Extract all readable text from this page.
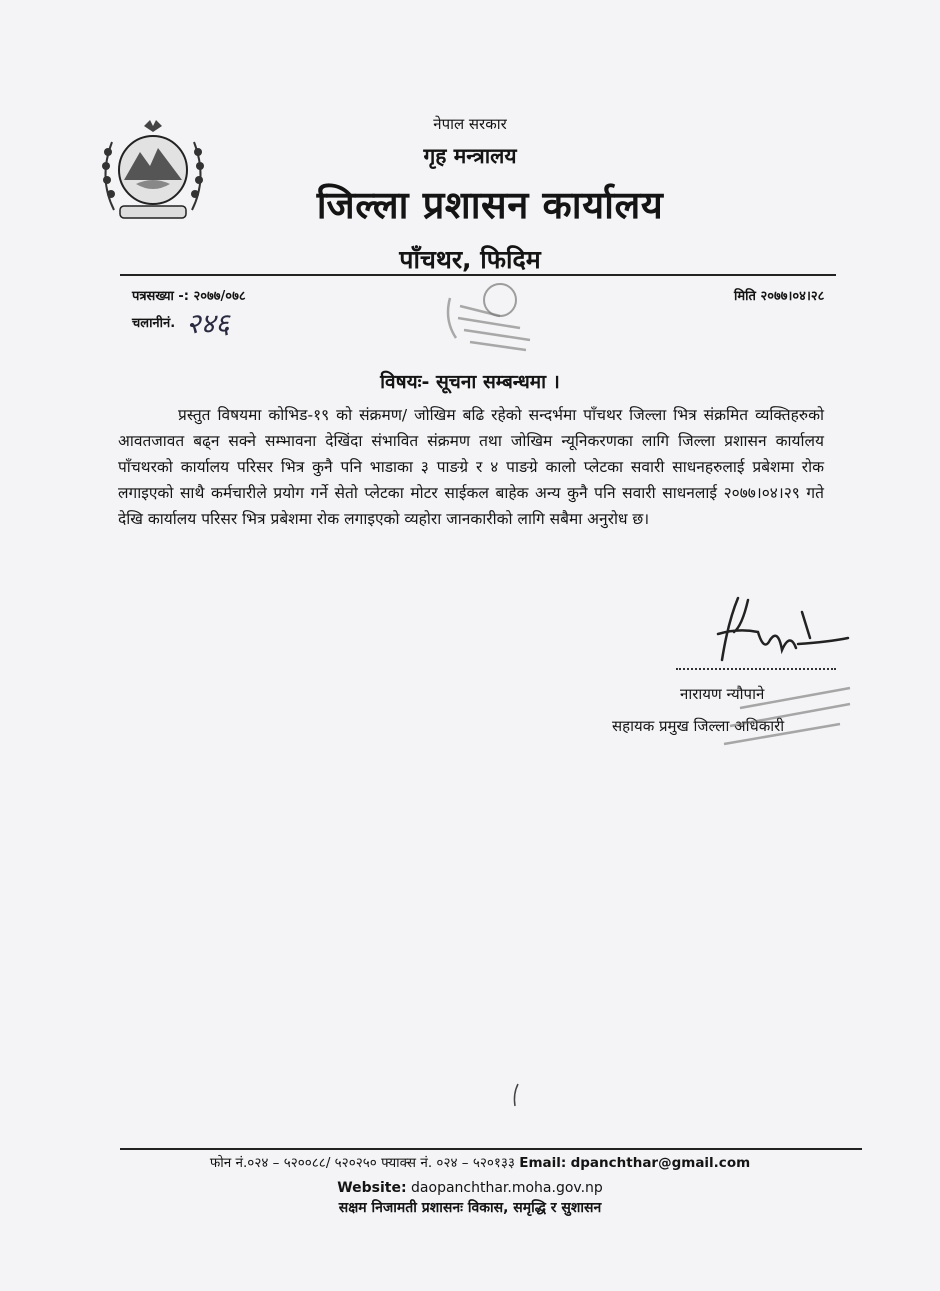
नेपाल सरकार
गृह मन्त्रालय
जिल्ला प्रशासन कार्यालय
पाँचथर, फिदिम
पत्रसख्या -: २०७७/०७८
चलानीनं. २४६
मिति २०७७।०४।२८
विषयः- सूचना सम्बन्धमा ।
प्रस्तुत विषयमा कोभिड-१९ को संक्रमण/ जोखिम बढि रहेको सन्दर्भमा पाँचथर जिल्ला भित्र संक्रमित व्यक्तिहरुको आवतजावत बढ्न सक्ने सम्भावना देखिंदा संभावित संक्रमण तथा जोखिम न्यूनिकरणका लागि जिल्ला प्रशासन कार्यालय पाँचथरको कार्यालय परिसर भित्र कुनै पनि भाडाका ३ पाङग्रे र ४ पाङग्रे कालो प्लेटका सवारी साधनहरुलाई प्रबेशमा रोक लगाइएको साथै कर्मचारीले प्रयोग गर्ने सेतो प्लेटका मोटर साईकल बाहेक अन्य कुनै पनि सवारी साधनलाई २०७७।०४।२९ गते देखि कार्यालय परिसर भित्र प्रबेशमा रोक लगाइएको व्यहोरा जानकारीको लागि सबैमा अनुरोध छ।
नारायण न्यौपाने
सहायक प्रमुख जिल्ला अधिकारी
फोन नं.०२४ – ५२००८८/ ५२०२५० फ्याक्स नं. ०२४ – ५२०१३३ Email: dpanchthar@gmail.com
Website: daopanchthar.moha.gov.np
सक्षम निजामती प्रशासनः विकास, समृद्धि र सुशासन
